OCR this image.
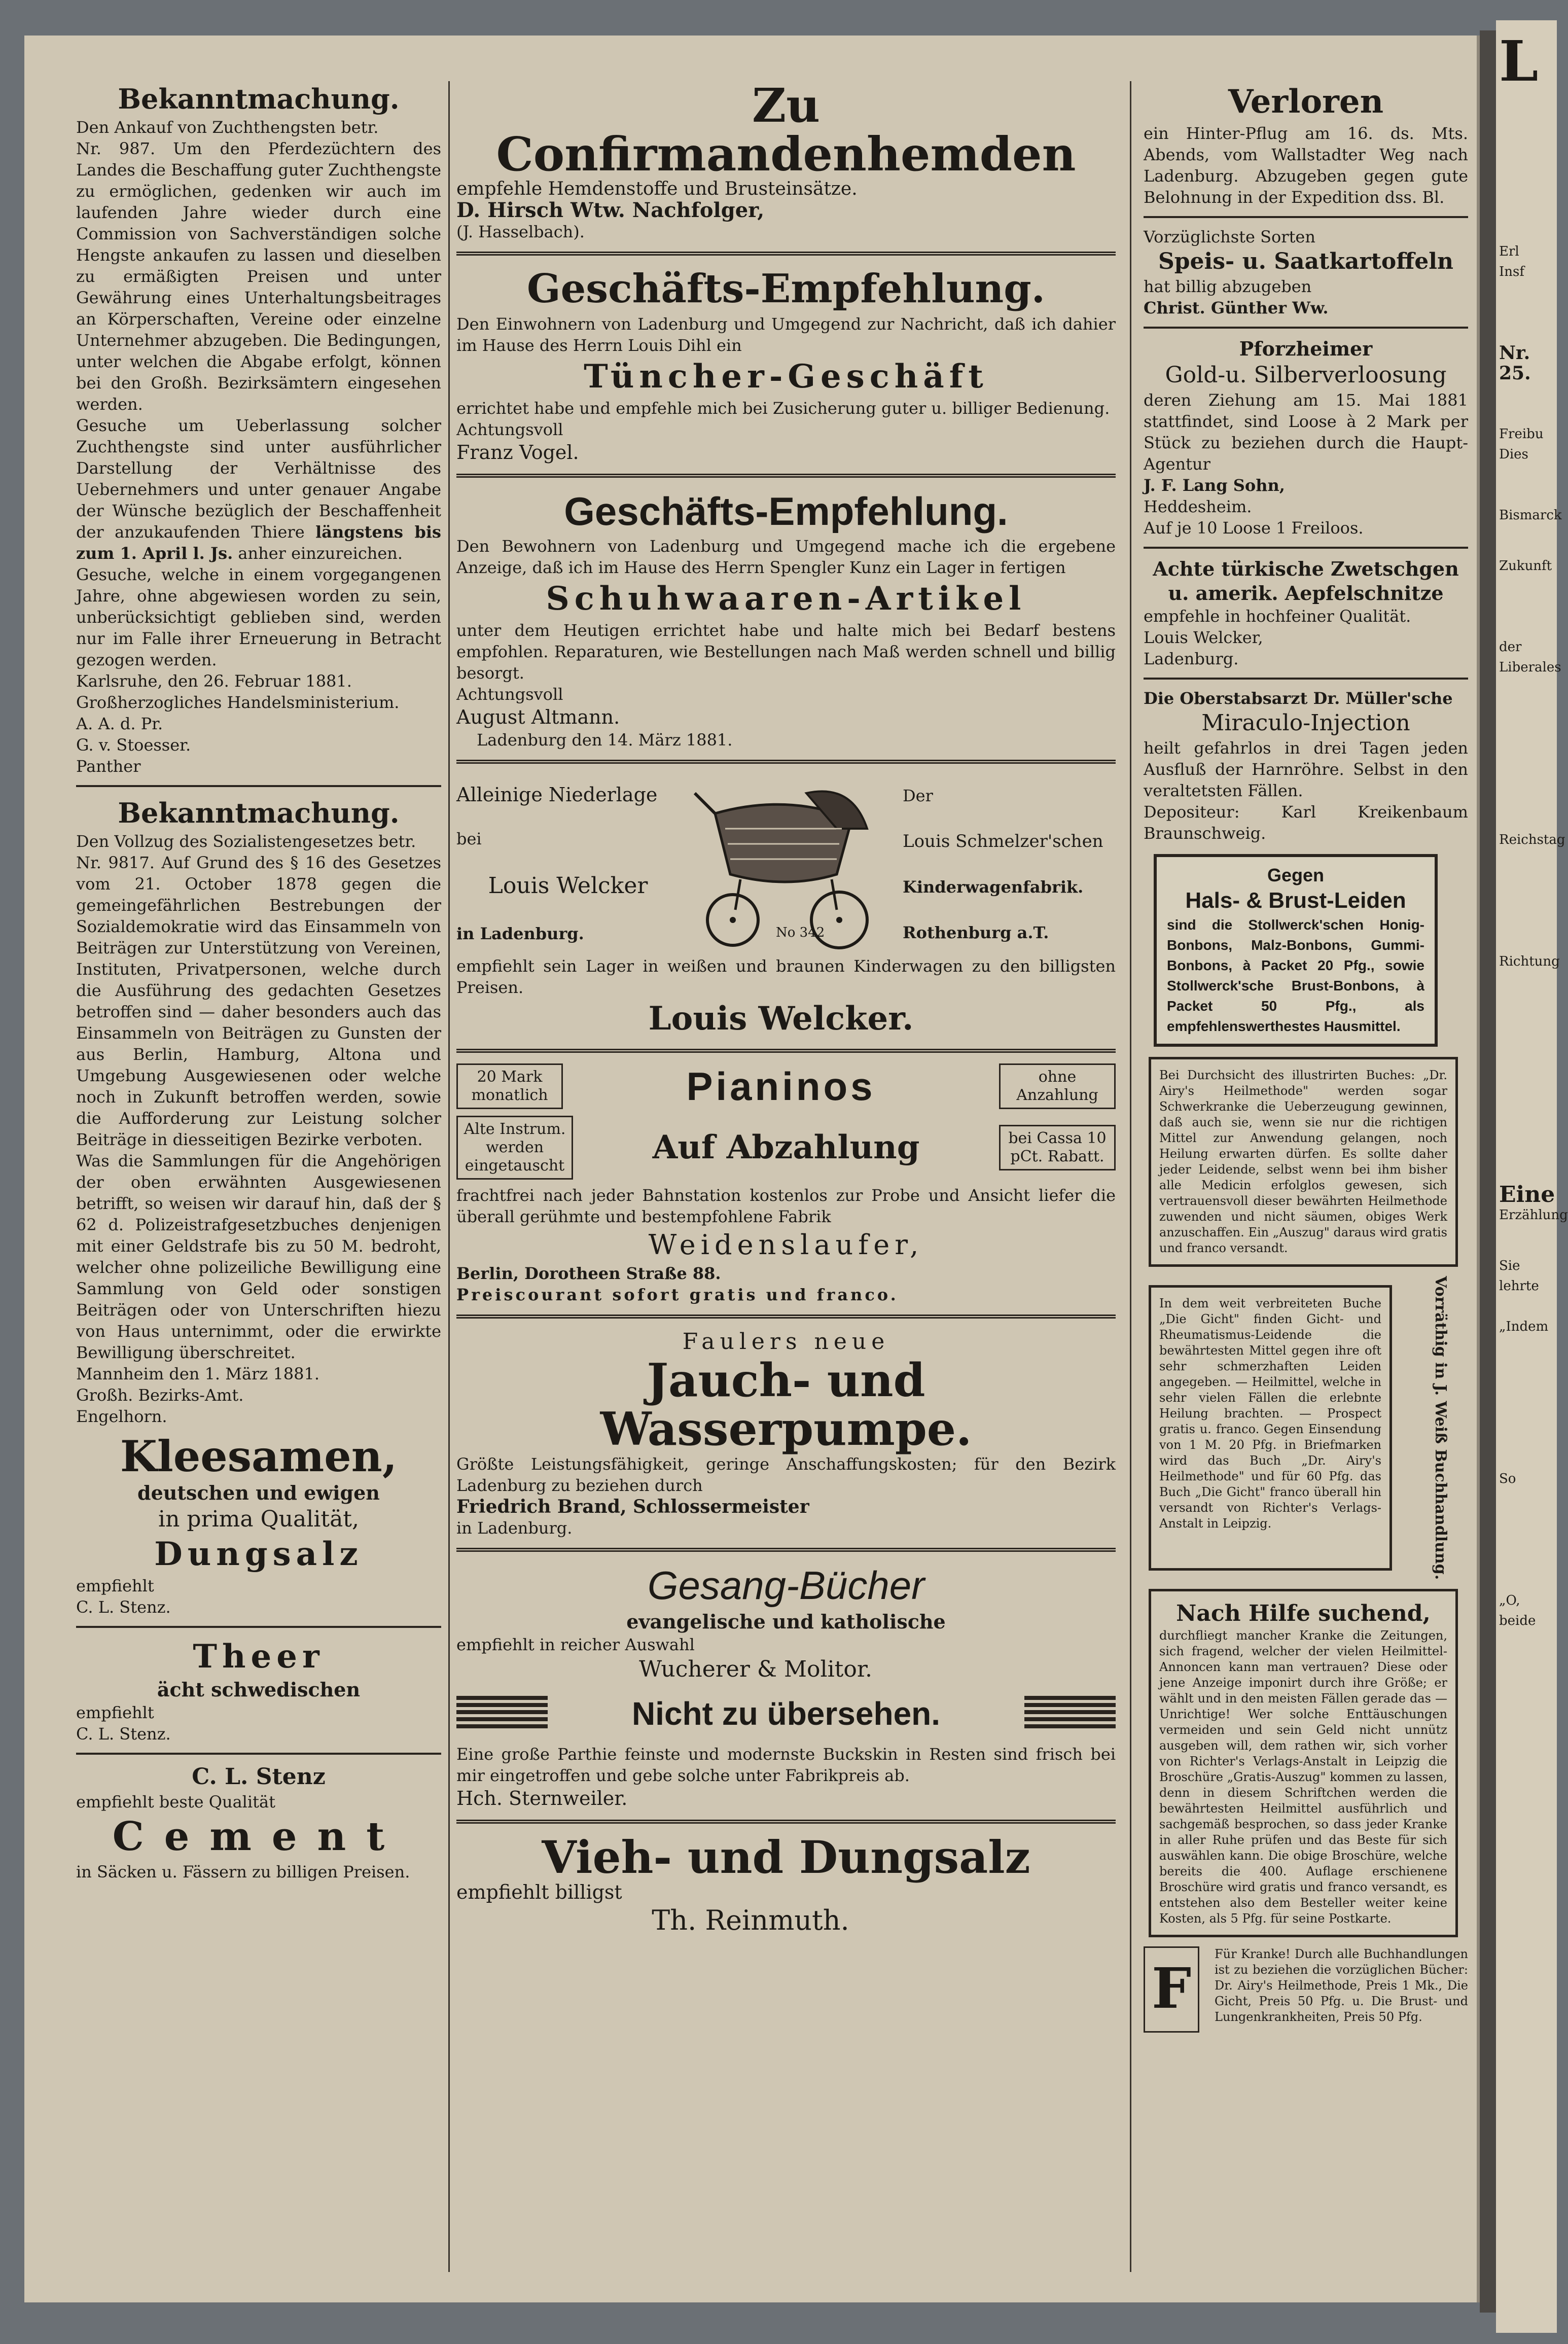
Bekanntmachung.
Den Ankauf von Zuchthengsten betr.
Nr. 987. Um den Pferdezüchtern des Landes die Beschaffung guter Zuchthengste zu ermöglichen, gedenken wir auch im laufenden Jahre wieder durch eine Commission von Sachverständigen solche Hengste ankaufen zu lassen und dieselben zu ermäßigten Preisen und unter Gewährung eines Unterhaltungsbeitrages an Körperschaften, Vereine oder einzelne Unternehmer abzugeben. Die Bedingungen, unter welchen die Abgabe erfolgt, können bei den Großh. Bezirksämtern eingesehen werden.
Gesuche um Ueberlassung solcher Zuchthengste sind unter ausführlicher Darstellung der Verhältnisse des Uebernehmers und unter genauer Angabe der Wünsche bezüglich der Beschaffenheit der anzukaufenden Thiere längstens bis zum 1. April l. Js. anher einzureichen.
Gesuche, welche in einem vorgegangenen Jahre, ohne abgewiesen worden zu sein, unberücksichtigt geblieben sind, werden nur im Falle ihrer Erneuerung in Betracht gezogen werden.
Karlsruhe, den 26. Februar 1881.
Großherzogliches Handelsministerium.
A. A. d. Pr.
G. v. Stoesser.
Panther
Bekanntmachung.
Den Vollzug des Sozialistengesetzes betr.
Nr. 9817. Auf Grund des § 16 des Gesetzes vom 21. October 1878 gegen die gemeingefährlichen Bestrebungen der Sozialdemokratie wird das Einsammeln von Beiträgen zur Unterstützung von Vereinen, Instituten, Privatpersonen, welche durch die Ausführung des gedachten Gesetzes betroffen sind — daher besonders auch das Einsammeln von Beiträgen zu Gunsten der aus Berlin, Hamburg, Altona und Umgebung Ausgewiesenen oder welche noch in Zukunft betroffen werden, sowie die Aufforderung zur Leistung solcher Beiträge in diesseitigen Bezirke verboten.
Was die Sammlungen für die Angehörigen der oben erwähnten Ausgewiesenen betrifft, so weisen wir darauf hin, daß der § 62 d. Polizeistrafgesetzbuches denjenigen mit einer Geldstrafe bis zu 50 M. bedroht, welcher ohne polizeiliche Bewilligung eine Sammlung von Geld oder sonstigen Beiträgen oder von Unterschriften hiezu von Haus unternimmt, oder die erwirkte Bewilligung überschreitet.
Mannheim den 1. März 1881.
Großh. Bezirks-Amt.
Engelhorn.
Kleesamen,
deutschen und ewigen
in prima Qualität,
Dungsalz
empfiehlt
C. L. Stenz.
Theer
ächt schwedischen
empfiehlt
C. L. Stenz.
C. L. Stenz
empfiehlt beste Qualität
Cement
in Säcken u. Fässern zu billigen Preisen.
Zu Confirmandenhemden
empfehle Hemdenstoffe und Brusteinsätze.
D. Hirsch Wtw. Nachfolger,
(J. Hasselbach).
Geschäfts-Empfehlung.
Den Einwohnern von Ladenburg und Umgegend zur Nachricht, daß ich dahier im Hause des Herrn Louis Dihl ein
Tüncher-Geschäft
errichtet habe und empfehle mich bei Zusicherung guter u. billiger Bedienung.
Achtungsvoll
Franz Vogel.
Geschäfts-Empfehlung.
Den Bewohnern von Ladenburg und Umgegend mache ich die ergebene Anzeige, daß ich im Hause des Herrn Spengler Kunz ein Lager in fertigen
Schuhwaaren-Artikel
unter dem Heutigen errichtet habe und halte mich bei Bedarf bestens empfohlen. Reparaturen, wie Bestellungen nach Maß werden schnell und billig besorgt.
Achtungsvoll
August Altmann.
Ladenburg den 14. März 1881.
Alleinige Niederlage
bei
Louis Welcker
in Ladenburg.	No 342
Der
Louis Schmelzer'schen
Kinderwagenfabrik.
Rothenburg a.T.
empfiehlt sein Lager in weißen und braunen Kinderwagen zu den billigsten Preisen.
Louis Welcker.
20 Mark monatlich	Pianinos	ohne Anzahlung
Alte Instrum. werden eingetauscht	Auf Abzahlung	bei Cassa 10 pCt. Rabatt.
frachtfrei nach jeder Bahnstation kostenlos zur Probe und Ansicht liefer die überall gerühmte und bestempfohlene Fabrik
Weidenslaufer,
Berlin, Dorotheen Straße 88.
Preiscourant sofort gratis und franco.
Faulers neue
Jauch- und Wasserpumpe.
Größte Leistungsfähigkeit, geringe Anschaffungskosten; für den Bezirk Ladenburg zu beziehen durch
Friedrich Brand, Schlossermeister
in Ladenburg.
Gesang-Bücher
evangelische und katholische
empfiehlt in reicher Auswahl
Wucherer & Molitor.
Nicht zu übersehen.
Eine große Parthie feinste und modernste Buckskin in Resten sind frisch bei mir eingetroffen und gebe solche unter Fabrikpreis ab.
Hch. Sternweiler.
Vieh- und Dungsalz
empfiehlt billigst
Th. Reinmuth.
Verloren
ein Hinter-Pflug am 16. ds. Mts. Abends, vom Wallstadter Weg nach Ladenburg. Abzugeben gegen gute Belohnung in der Expedition dss. Bl.
Vorzüglichste Sorten
Speis- u. Saatkartoffeln
hat billig abzugeben
Christ. Günther Ww.
Pforzheimer
Gold-u. Silberverloosung
deren Ziehung am 15. Mai 1881 stattfindet, sind Loose à 2 Mark per Stück zu beziehen durch die Haupt-Agentur
J. F. Lang Sohn,
Heddesheim.
Auf je 10 Loose 1 Freiloos.
Achte türkische Zwetschgen u. amerik. Aepfelschnitze
empfehle in hochfeiner Qualität.
Louis Welcker,
Ladenburg.
Die Oberstabsarzt Dr. Müller'sche
Miraculo-Injection
heilt gefahrlos in drei Tagen jeden Ausfluß der Harnröhre. Selbst in den veraltetsten Fällen.
Depositeur: Karl Kreikenbaum Braunschweig.
Gegen
Hals- & Brust-Leiden
sind die Stollwerck'schen Honig-Bonbons, Malz-Bonbons, Gummi-Bonbons, à Packet 20 Pfg., sowie Stollwerck'sche Brust-Bonbons, à Packet 50 Pfg., als empfehlenswerthestes Hausmittel.
Bei Durchsicht des illustrirten Buches: „Dr. Airy's Heilmethode" werden sogar Schwerkranke die Ueberzeugung gewinnen, daß auch sie, wenn sie nur die richtigen Mittel zur Anwendung gelangen, noch Heilung erwarten dürfen. Es sollte daher jeder Leidende, selbst wenn bei ihm bisher alle Medicin erfolglos gewesen, sich vertrauensvoll dieser bewährten Heilmethode zuwenden und nicht säumen, obiges Werk anzuschaffen. Ein „Auszug" daraus wird gratis und franco versandt.
In dem weit verbreiteten Buche „Die Gicht" finden Gicht- und Rheumatismus-Leidende die bewährtesten Mittel gegen ihre oft sehr schmerzhaften Leiden angegeben. — Heilmittel, welche in sehr vielen Fällen die erlebnte Heilung brachten. — Prospect gratis u. franco. Gegen Einsendung von 1 M. 20 Pfg. in Briefmarken wird das Buch „Dr. Airy's Heilmethode" und für 60 Pfg. das Buch „Die Gicht" franco überall hin versandt von Richter's Verlags-Anstalt in Leipzig.	Vorräthig in J. Weiß Buchhandlung.
Nach Hilfe suchend,
durchfliegt mancher Kranke die Zeitungen, sich fragend, welcher der vielen Heilmittel-Annoncen kann man vertrauen? Diese oder jene Anzeige imponirt durch ihre Größe; er wählt und in den meisten Fällen gerade das — Unrichtige! Wer solche Enttäuschungen vermeiden und sein Geld nicht unnütz ausgeben will, dem rathen wir, sich vorher von Richter's Verlags-Anstalt in Leipzig die Broschüre „Gratis-Auszug" kommen zu lassen, denn in diesem Schriftchen werden die bewährtesten Heilmittel ausführlich und sachgemäß besprochen, so dass jeder Kranke in aller Ruhe prüfen und das Beste für sich auswählen kann. Die obige Broschüre, welche bereits die 400. Auflage erschienene Broschüre wird gratis und franco versandt, es entstehen also dem Besteller weiter keine Kosten, als 5 Pfg. für seine Postkarte.
F
Für Kranke! Durch alle Buchhandlungen ist zu beziehen die vorzüglichen Bücher: Dr. Airy's Heilmethode, Preis 1 Mk., Die Gicht, Preis 50 Pfg. u. Die Brust- und Lungenkrankheiten, Preis 50 Pfg.
L
Erl
Insf
Nr. 25.
Freibu
Dies
Bismarck
Zukunft
der Liberales
Reichstag
Richtung
Eine
Erzählung
Sie lehrte
„Indem
So
„O, beide
